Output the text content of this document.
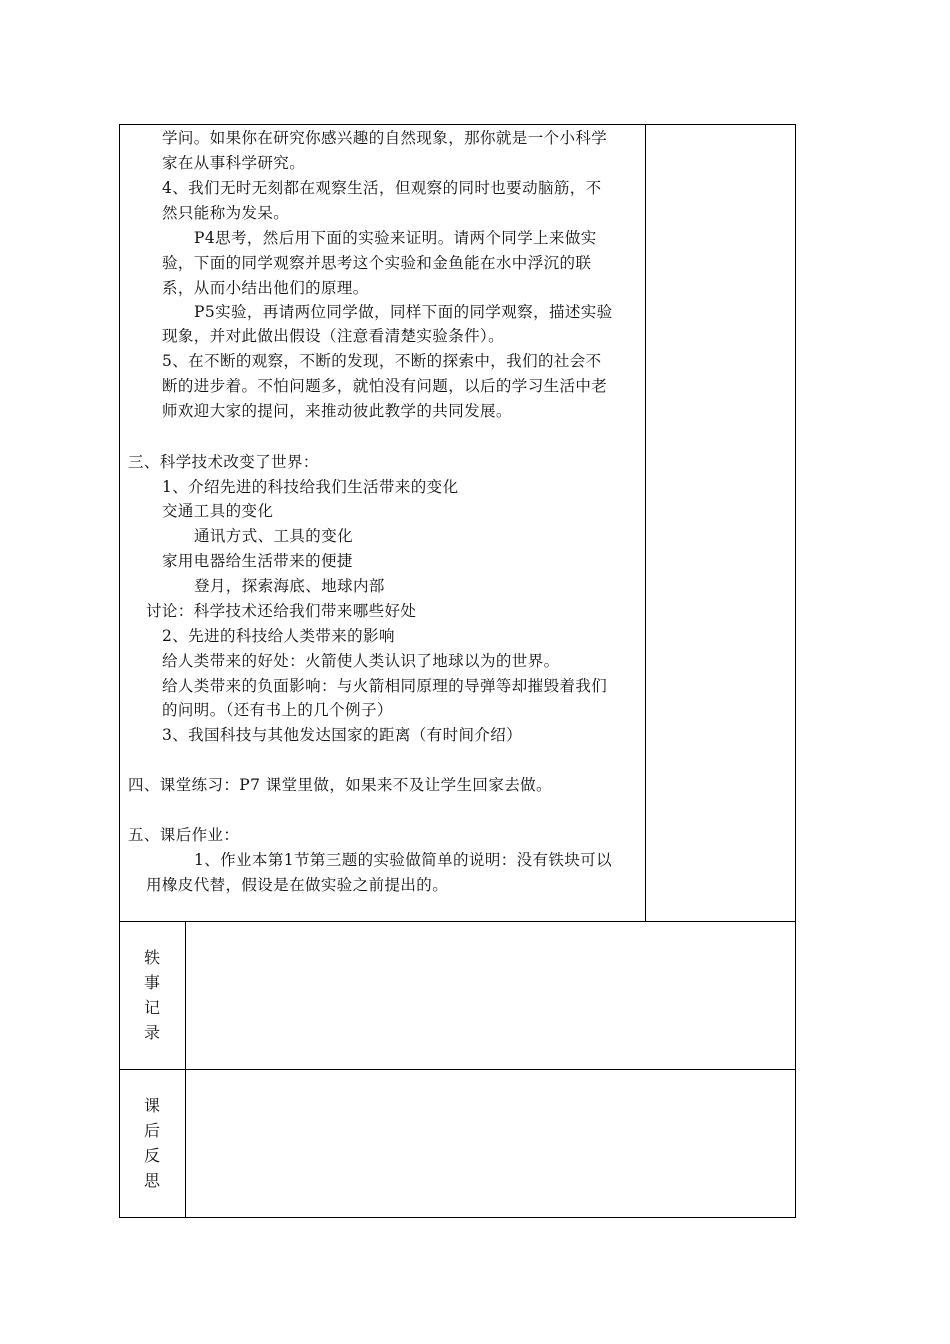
学问。如果你在研究你感兴趣的自然现象，那你就是一个小科学
家在从事科学研究。
4、我们无时无刻都在观察生活，但观察的同时也要动脑筋，不
然只能称为发呆。
P4思考，然后用下面的实验来证明。请两个同学上来做实
验，下面的同学观察并思考这个实验和金鱼能在水中浮沉的联
系，从而小结出他们的原理。
P5实验，再请两位同学做，同样下面的同学观察，描述实验
现象，并对此做出假设（注意看清楚实验条件）。
5、在不断的观察，不断的发现，不断的探索中，我们的社会不
断的进步着。不怕问题多，就怕没有问题，以后的学习生活中老
师欢迎大家的提问，来推动彼此教学的共同发展。
三、科学技术改变了世界：
1、介绍先进的科技给我们生活带来的变化
交通工具的变化
通讯方式、工具的变化
家用电器给生活带来的便捷
登月，探索海底、地球内部
讨论：科学技术还给我们带来哪些好处
2、先进的科技给人类带来的影响
给人类带来的好处：火箭使人类认识了地球以为的世界。
给人类带来的负面影响：与火箭相同原理的导弹等却摧毁着我们
的问明。（还有书上的几个例子）
3、我国科技与其他发达国家的距离（有时间介绍）
四、课堂练习：P7 课堂里做，如果来不及让学生回家去做。
五、课后作业：
1、作业本第1节第三题的实验做简单的说明：没有铁块可以
用橡皮代替，假设是在做实验之前提出的。
轶
事
记
录
课
后
反
思
